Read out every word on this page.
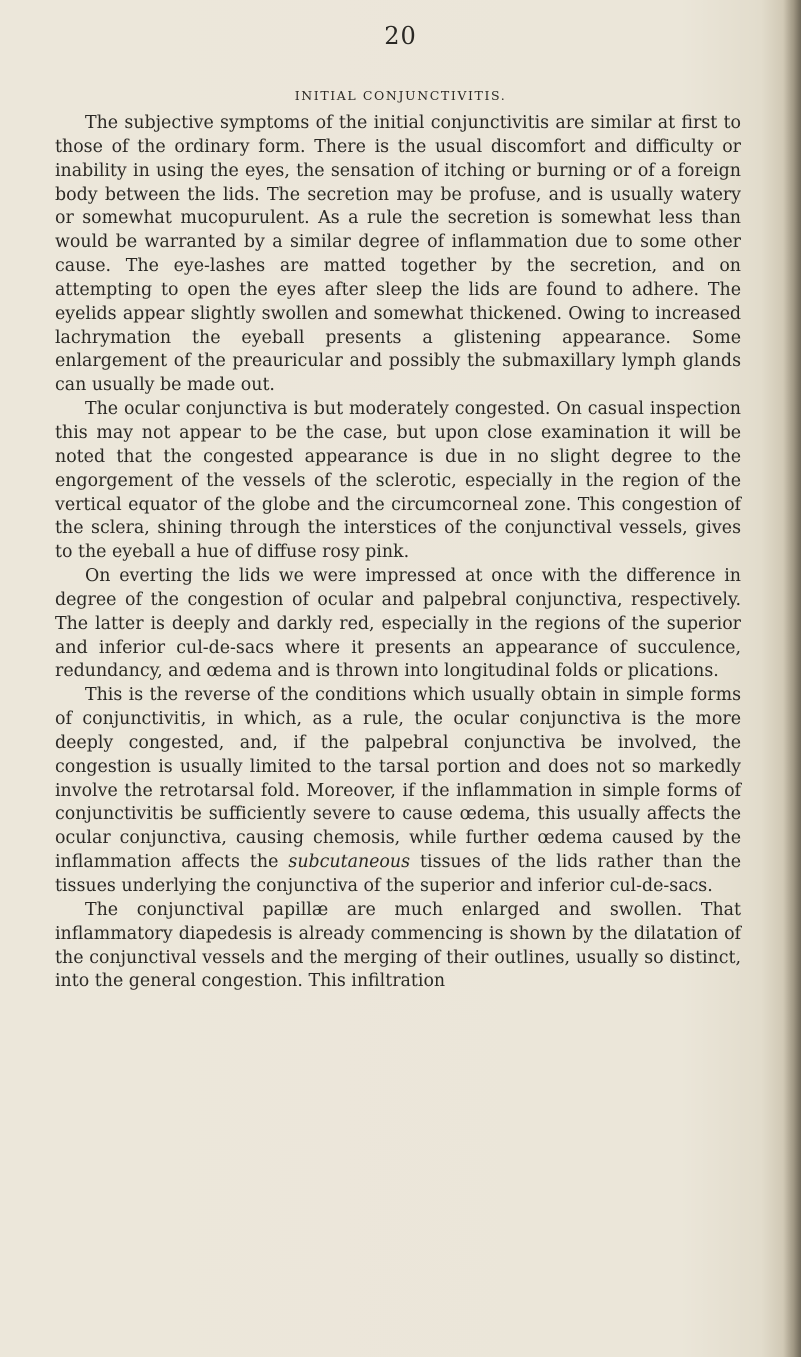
20
INITIAL CONJUNCTIVITIS.

The subjective symptoms of the initial conjunctivitis are similar at first to those of the ordinary form. There is the usual discomfort and difficulty or inability in using the eyes, the sensation of itching or burning or of a foreign body between the lids. The secretion may be profuse, and is usually watery or somewhat mucopurulent. As a rule the secretion is somewhat less than would be warranted by a similar degree of inflammation due to some other cause. The eye-lashes are matted together by the secretion, and on attempting to open the eyes after sleep the lids are found to adhere. The eyelids appear slightly swollen and somewhat thickened. Owing to increased lachrymation the eyeball presents a glistening appearance. Some enlargement of the preauricular and possibly the submaxillary lymph glands can usually be made out.

The ocular conjunctiva is but moderately congested. On casual inspection this may not appear to be the case, but upon close examination it will be noted that the congested appearance is due in no slight degree to the engorgement of the vessels of the sclerotic, especially in the region of the vertical equator of the globe and the circumcorneal zone. This congestion of the sclera, shining through the interstices of the conjunctival vessels, gives to the eyeball a hue of diffuse rosy pink.

On everting the lids we were impressed at once with the difference in degree of the congestion of ocular and palpebral conjunctiva, respectively. The latter is deeply and darkly red, especially in the regions of the superior and inferior cul-de-sacs where it presents an appearance of succulence, redundancy, and œdema and is thrown into longitudinal folds or plications.

This is the reverse of the conditions which usually obtain in simple forms of conjunctivitis, in which, as a rule, the ocular conjunctiva is the more deeply congested, and, if the palpebral conjunctiva be involved, the congestion is usually limited to the tarsal portion and does not so markedly involve the retrotarsal fold. Moreover, if the inflammation in simple forms of conjunctivitis be sufficiently severe to cause œdema, this usually affects the ocular conjunctiva, causing chemosis, while further œdema caused by the inflammation affects the subcutaneous tissues of the lids rather than the tissues underlying the conjunctiva of the superior and inferior cul-de-sacs.

The conjunctival papillæ are much enlarged and swollen. That inflammatory diapedesis is already commencing is shown by the dilatation of the conjunctival vessels and the merging of their outlines, usually so distinct, into the general congestion. This infiltration
